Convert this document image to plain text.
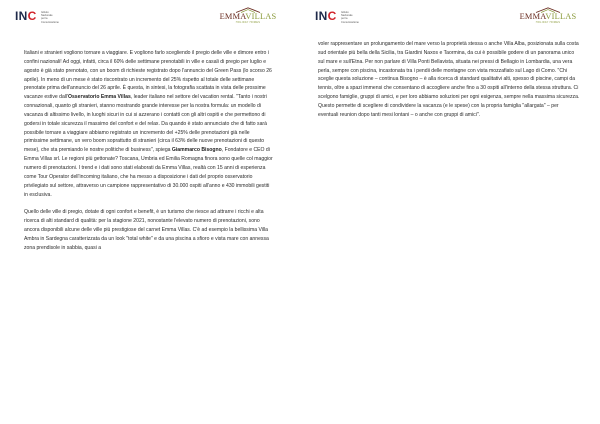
INC Istituto
Nazionale
per la
Comunicazione
EMMAVILLAS
HOLIDAY HOMES

Italiani e stranieri vogliono tornare a viaggiare. E vogliono farlo scegliendo il pregio delle ville e dimore entro i confini nazionali! Ad oggi, infatti, circa il 60% delle settimane prenotabili in ville e casali di pregio per luglio e agosto è già stato prenotato, con un boom di richieste registrato dopo l'annuncio del Green Pass (lo scorso 26 aprile). In meno di un mese è stato riscontrato un incremento del 25% rispetto al totale delle settimane prenotate prima dell'annuncio del 26 aprile. È questa, in sintesi, la fotografia scattata in vista delle prossime vacanze estive dall'Osservatorio Emma Villas, leader italiano nel settore del vacation rental. "Tanto i nostri connazionali, quanto gli stranieri, stanno mostrando grande interesse per la nostra formula: un modello di vacanza di altissimo livello, in luoghi sicuri in cui si azzerano i contatti con gli altri ospiti e che permettono di godersi in totale sicurezza il massimo del confort e del relax. Da quando è stato annunciato che di fatto sarà possibile tornare a viaggiare abbiamo registrato un incremento del +25% delle prenotazioni già nelle primissime settimane, un vero boom soprattutto di stranieri (circa il 63% delle nuove prenotazioni di questo mese), che sta premiando le nostre politiche di business", spiega Giammarco Bisogno, Fondatore e CEO di Emma Villas srl. Le regioni più gettonate? Toscana, Umbria ed Emilia Romagna finora sono quelle col maggior numero di prenotazioni. I trend e i dati sono stati elaborati da Emma Villas, realtà con 15 anni di esperienza come Tour Operator dell'incoming italiano, che ha messo a disposizione i dati del proprio osservatorio privilegiato sul settore, attraverso un campione rappresentativo di 30.000 ospiti all'anno e 430 immobili gestiti in esclusiva.

Quello delle ville di pregio, dotate di ogni confort e benefit, è un turismo che riesce ad attrarre i ricchi e alta ricerca di alti standard di qualità: per la stagione 2021, nonostante l'elevato numero di prenotazioni, sono ancora disponibili alcune delle ville più prestigiose del carnet Emma Villas. C'è ad esempio la bellissima Villa Ambra in Sardegna caratterizzata da un look "total white" e da una piscina a sfioro e vista mare con annessa zona prendisole in sabbia, quasi a

INC Istituto
Nazionale
per la
Comunicazione
EMMAVILLAS
HOLIDAY HOMES

voler rappresentare un prolungamento del mare verso la proprietà stessa o anche Villa Alba, posizionata sulla costa sud orientale più bella della Sicilia, tra Giardini Naxos e Taormina, da cui è possibile godere di un panorama unico sul mare e sull'Etna. Per non parlare di Villa Ponti Bellavista, situata nei pressi di Bellagio in Lombardia, una vera perla, sempre con piscina, incastonata tra i pendii delle montagne con vista mozzafiato sul Lago di Como. "Chi sceglie questa soluzione – continua Bisogno – è alla ricerca di standard qualitativi alti, spesso di piscine, campi da tennis, oltre a spazi immensi che consentano di accogliere anche fino a 30 ospiti all'interno della stessa struttura. Ci scelgono famiglie, gruppi di amici, e per loro abbiamo soluzioni per ogni esigenza, sempre nella massima sicurezza. Questo permette di scegliere di condividere la vacanza (e le spese) con la propria famiglia "allargata" – per eventuali reunion dopo tanti mesi lontani – o anche con gruppi di amici".
